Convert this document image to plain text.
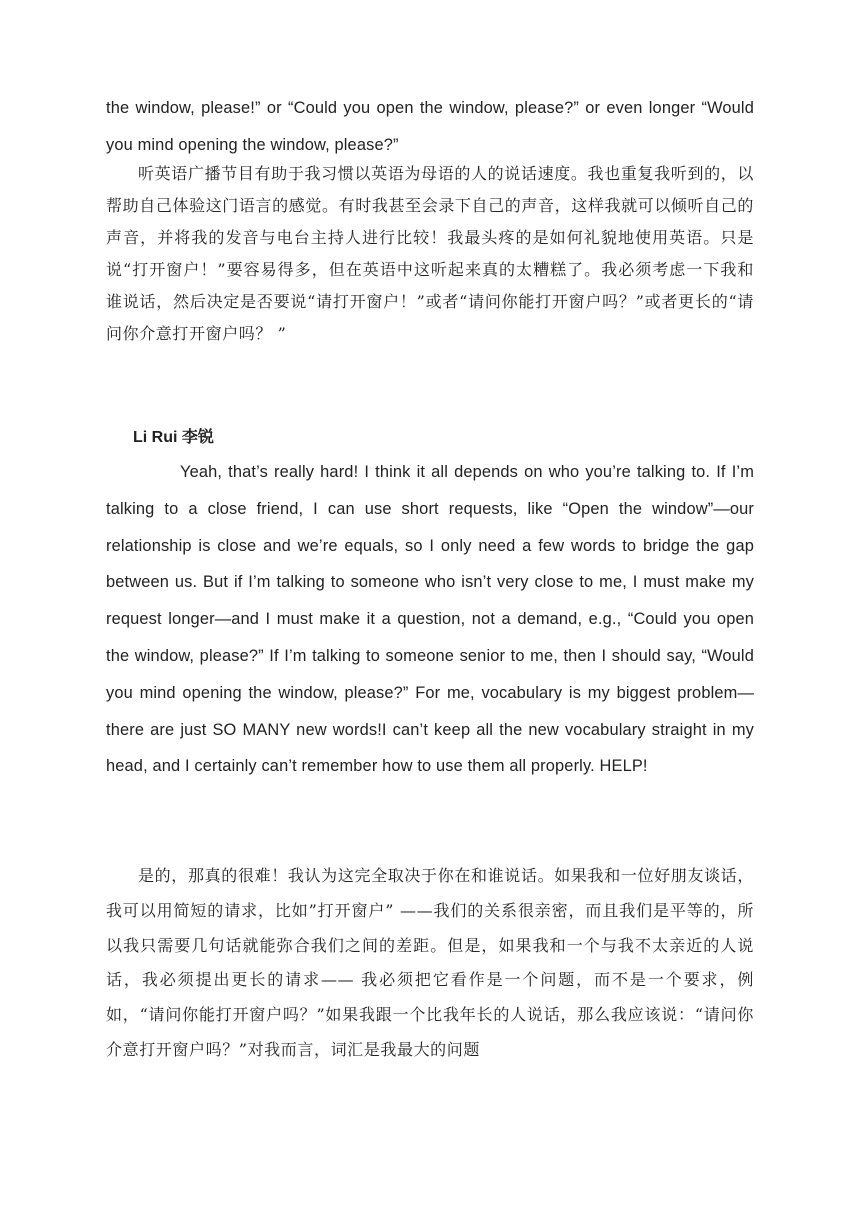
the window, please!” or “Could you open the window, please?” or even longer “Would you mind opening the window, please?”

听英语广播节目有助于我习惯以英语为母语的人的说话速度。我也重复我听到的，以帮助自己体验这门语言的感觉。有时我甚至会录下自己的声音，这样我就可以倾听自己的声音，并将我的发音与电台主持人进行比较！我最头疼的是如何礼貌地使用英语。只是说“打开窗户！”要容易得多，但在英语中这听起来真的太糟糕了。我必须考虑一下我和谁说话，然后决定是否要说“请打开窗户！”或者“请问你能打开窗户吗？”或者更长的“请问你介意打开窗户吗？ ”

Li Rui 李锐

Yeah, that’s really hard! I think it all depends on who you’re talking to. If I’m talking to a close friend, I can use short requests, like “Open the window”—our relationship is close and we’re equals, so I only need a few words to bridge the gap between us. But if I’m talking to someone who isn’t very close to me, I must make my request longer—and I must make it a question, not a demand, e.g., “Could you open the window, please?” If I’m talking to someone senior to me, then I should say, “Would you mind opening the window, please?” For me, vocabulary is my biggest problem—there are just SO MANY new words!I can’t keep all the new vocabulary straight in my head, and I certainly can’t remember how to use them all properly. HELP!

是的，那真的很难！我认为这完全取决于你在和谁说话。如果我和一位好朋友谈话，我可以用简短的请求，比如”打开窗户” ——我们的关系很亲密，而且我们是平等的，所以我只需要几句话就能弥合我们之间的差距。但是，如果我和一个与我不太亲近的人说话，我必须提出更长的请求—— 我必须把它看作是一个问题，而不是一个要求，例如，“请问你能打开窗户吗？”如果我跟一个比我年长的人说话，那么我应该说：“请问你介意打开窗户吗？”对我而言，词汇是我最大的问题
